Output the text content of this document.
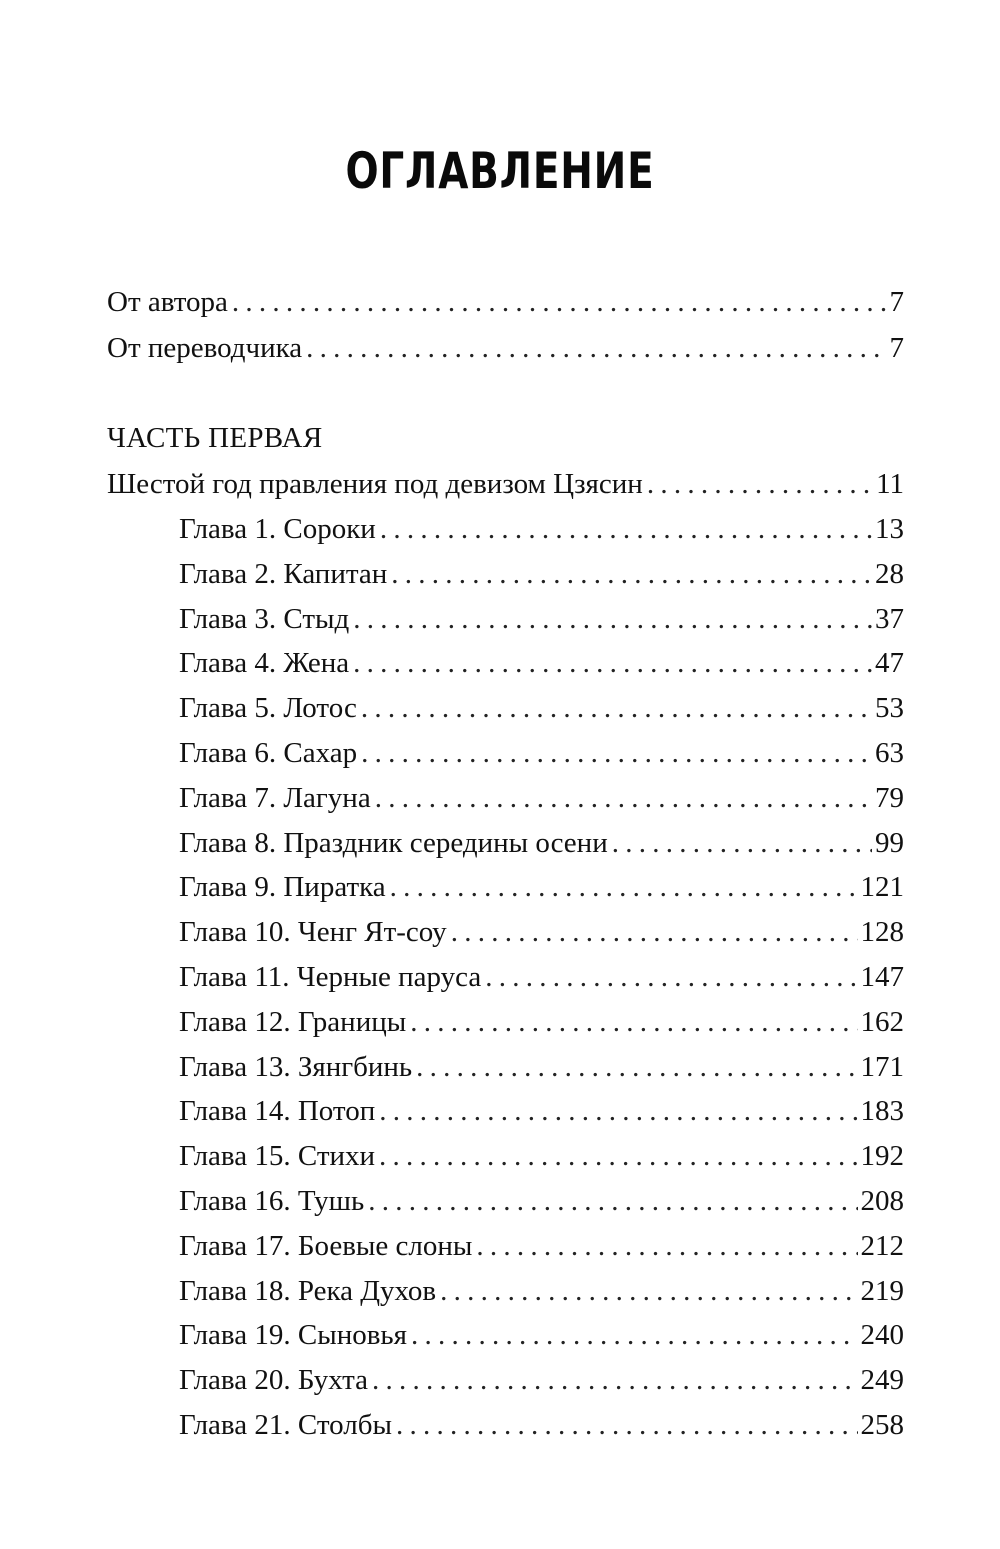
ОГЛАВЛЕНИЕ
От автора . . .	7
От переводчика . . .	7
ЧАСТЬ ПЕРВАЯ
Шестой год правления под девизом Цзясин . . .	11
Глава 1. Сороки . . .	13
Глава 2. Капитан . . .	28
Глава 3. Стыд . . .	37
Глава 4. Жена . . .	47
Глава 5. Лотос . . .	53
Глава 6. Сахар . . .	63
Глава 7. Лагуна . . .	79
Глава 8. Праздник середины осени . . .	99
Глава 9. Пиратка . . .	121
Глава 10. Ченг Ят-соу . . .	128
Глава 11. Черные паруса . . .	147
Глава 12. Границы . . .	162
Глава 13. Зянгбинь . . .	171
Глава 14. Потоп . . .	183
Глава 15. Стихи . . .	192
Глава 16. Тушь . . .	208
Глава 17. Боевые слоны . . .	212
Глава 18. Река Духов . . .	219
Глава 19. Сыновья . . .	240
Глава 20. Бухта . . .	249
Глава 21. Столбы . . .	258
